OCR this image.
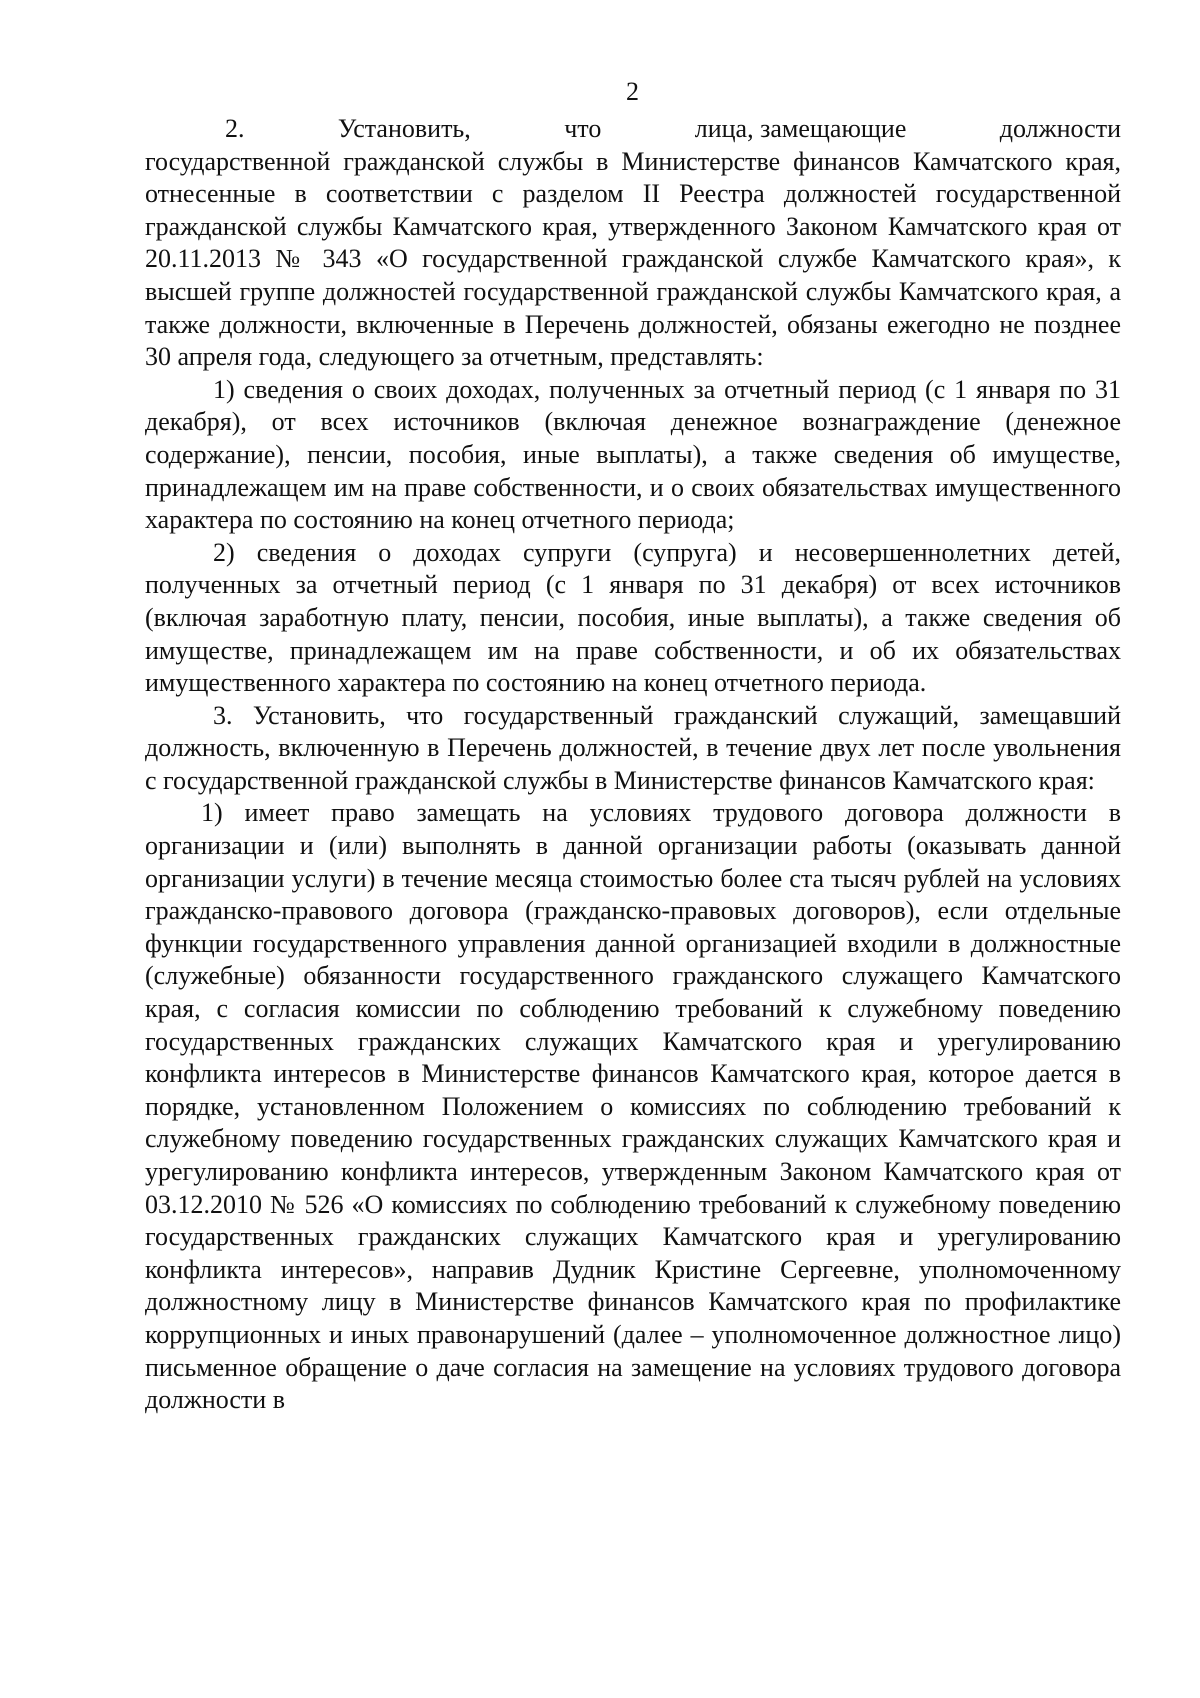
2
2.	Установить,	что	лица, замещающие	должности

государственной гражданской службы в Министерстве финансов Камчатского края, отнесенные в соответствии с разделом II Реестра должностей государственной гражданской службы Камчатского края, утвержденного Законом Камчатского края от 20.11.2013 № 343 «О государственной гражданской службе Камчатского края», к высшей группе должностей государственной гражданской службы Камчатского края, а также должности, включенные в Перечень должностей, обязаны ежегодно не позднее 30 апреля года, следующего за отчетным, представлять:

1) сведения о своих доходах, полученных за отчетный период (с 1 января по 31 декабря), от всех источников (включая денежное вознаграждение (денежное содержание), пенсии, пособия, иные выплаты), а также сведения об имуществе, принадлежащем им на праве собственности, и о своих обязательствах имущественного характера по состоянию на конец отчетного периода;

2) сведения о доходах супруги (супруга) и несовершеннолетних детей, полученных за отчетный период (с 1 января по 31 декабря) от всех источников (включая заработную плату, пенсии, пособия, иные выплаты), а также сведения об имуществе, принадлежащем им на праве собственности, и об их обязательствах имущественного характера по состоянию на конец отчетного периода.

3. Установить, что государственный гражданский служащий, замещавший должность, включенную в Перечень должностей, в течение двух лет после увольнения с государственной гражданской службы в Министерстве финансов Камчатского края:

1) имеет право замещать на условиях трудового договора должности в организации и (или) выполнять в данной организации работы (оказывать данной организации услуги) в течение месяца стоимостью более ста тысяч рублей на условиях гражданско-правового договора (гражданско-правовых договоров), если отдельные функции государственного управления данной организацией входили в должностные (служебные) обязанности государственного гражданского служащего Камчатского края, с согласия комиссии по соблюдению требований к служебному поведению государственных гражданских служащих Камчатского края и урегулированию конфликта интересов в Министерстве финансов Камчатского края, которое дается в порядке, установленном Положением о комиссиях по соблюдению требований к служебному поведению государственных гражданских служащих Камчатского края и урегулированию конфликта интересов, утвержденным Законом Камчатского края от 03.12.2010 № 526 «О комиссиях по соблюдению требований к служебному поведению государственных гражданских служащих Камчатского края и урегулированию конфликта интересов», направив Дудник Кристине Сергеевне, уполномоченному должностному лицу в Министерстве финансов Камчатского края по профилактике коррупционных и иных правонарушений (далее – уполномоченное должностное лицо) письменное обращение о даче согласия на замещение на условиях трудового договора должности в
